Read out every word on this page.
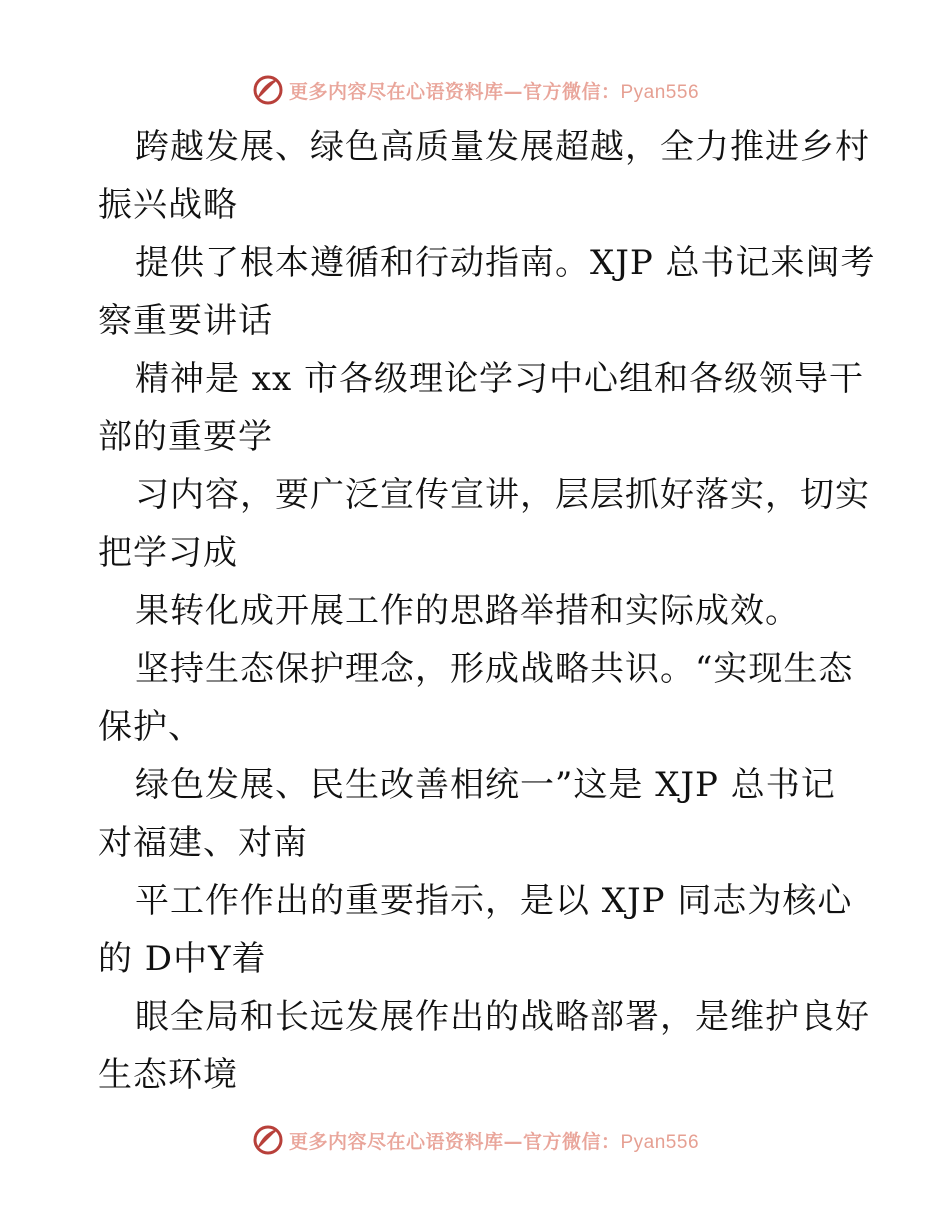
更多内容尽在心语资料库—官方微信：Pyan556
跨越发展、绿色高质量发展超越，全力推进乡村
振兴战略
提供了根本遵循和行动指南。XJP 总书记来闽考
察重要讲话
精神是 xx 市各级理论学习中心组和各级领导干
部的重要学
习内容，要广泛宣传宣讲，层层抓好落实，切实
把学习成
果转化成开展工作的思路举措和实际成效。
坚持生态保护理念，形成战略共识。“实现生态
保护、
绿色发展、民生改善相统一”这是 XJP 总书记
对福建、对南
平工作作出的重要指示，是以 XJP 同志为核心
的 D中Y着
眼全局和长远发展作出的战略部署，是维护良好
生态环境
更多内容尽在心语资料库—官方微信：Pyan556
